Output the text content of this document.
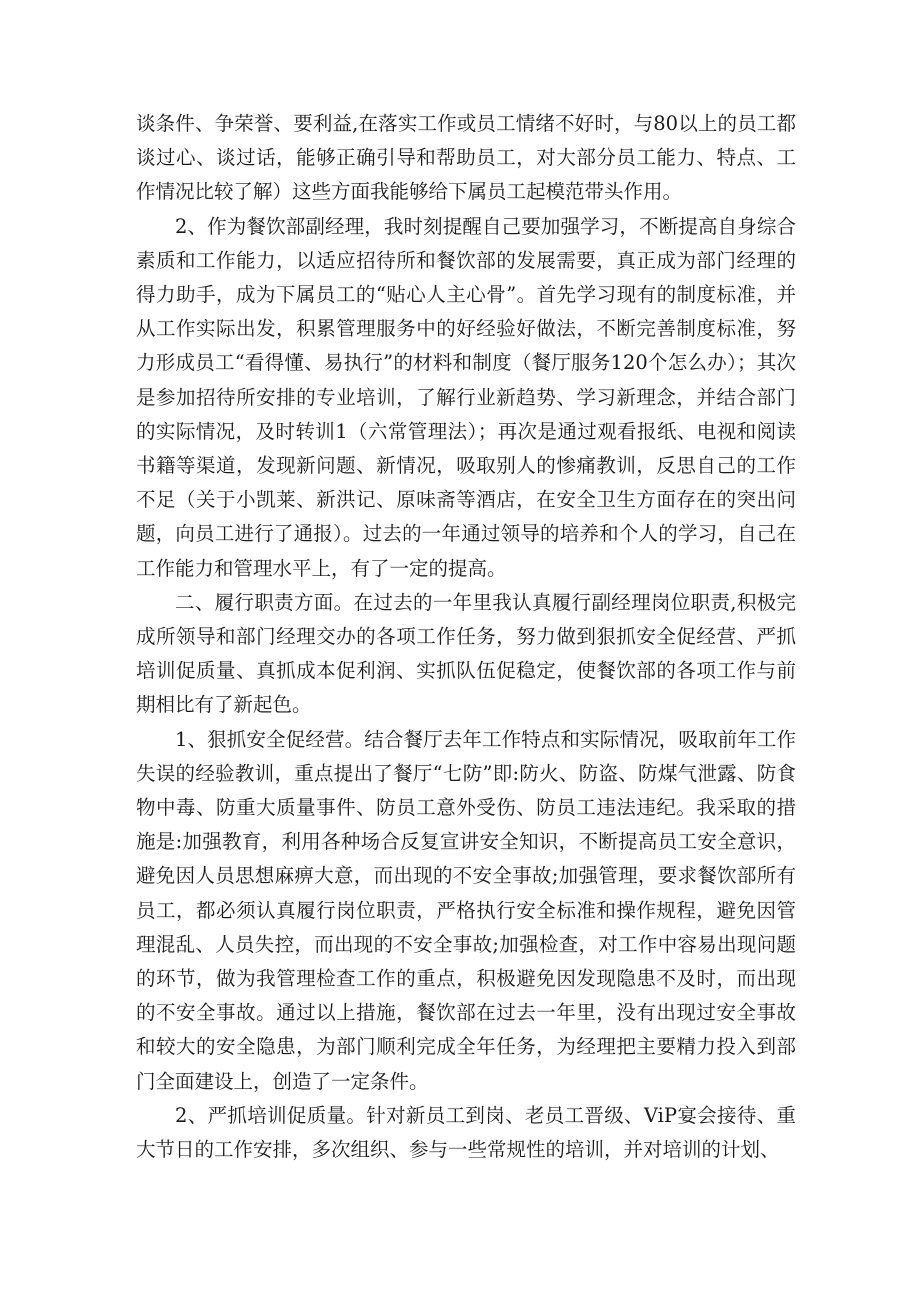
谈条件、争荣誉、要利益,在落实工作或员工情绪不好时，与80以上的员工都谈过心、谈过话，能够正确引导和帮助员工，对大部分员工能力、特点、工作情况比较了解）这些方面我能够给下属员工起模范带头作用。

2、作为餐饮部副经理，我时刻提醒自己要加强学习，不断提高自身综合素质和工作能力，以适应招待所和餐饮部的发展需要，真正成为部门经理的得力助手，成为下属员工的“贴心人主心骨”。首先学习现有的制度标准，并从工作实际出发，积累管理服务中的好经验好做法，不断完善制度标准，努力形成员工“看得懂、易执行”的材料和制度（餐厅服务120个怎么办）；其次是参加招待所安排的专业培训，了解行业新趋势、学习新理念，并结合部门的实际情况，及时转训1（六常管理法）；再次是通过观看报纸、电视和阅读书籍等渠道，发现新问题、新情况，吸取别人的惨痛教训，反思自己的工作不足（关于小凯莱、新洪记、原味斋等酒店，在安全卫生方面存在的突出问题，向员工进行了通报）。过去的一年通过领导的培养和个人的学习，自己在工作能力和管理水平上，有了一定的提高。

二、履行职责方面。在过去的一年里我认真履行副经理岗位职责,积极完成所领导和部门经理交办的各项工作任务，努力做到狠抓安全促经营、严抓培训促质量、真抓成本促利润、实抓队伍促稳定，使餐饮部的各项工作与前期相比有了新起色。

1、狠抓安全促经营。结合餐厅去年工作特点和实际情况，吸取前年工作失误的经验教训，重点提出了餐厅“七防”即:防火、防盗、防煤气泄露、防食物中毒、防重大质量事件、防员工意外受伤、防员工违法违纪。我采取的措施是:加强教育，利用各种场合反复宣讲安全知识，不断提高员工安全意识，避免因人员思想麻痹大意，而出现的不安全事故;加强管理，要求餐饮部所有员工，都必须认真履行岗位职责，严格执行安全标准和操作规程，避免因管理混乱、人员失控，而出现的不安全事故;加强检查，对工作中容易出现问题的环节，做为我管理检查工作的重点，积极避免因发现隐患不及时，而出现的不安全事故。通过以上措施，餐饮部在过去一年里，没有出现过安全事故和较大的安全隐患，为部门顺利完成全年任务，为经理把主要精力投入到部门全面建设上，创造了一定条件。

2、严抓培训促质量。针对新员工到岗、老员工晋级、ViP宴会接待、重大节日的工作安排，多次组织、参与一些常规性的培训，并对培训的计划、
